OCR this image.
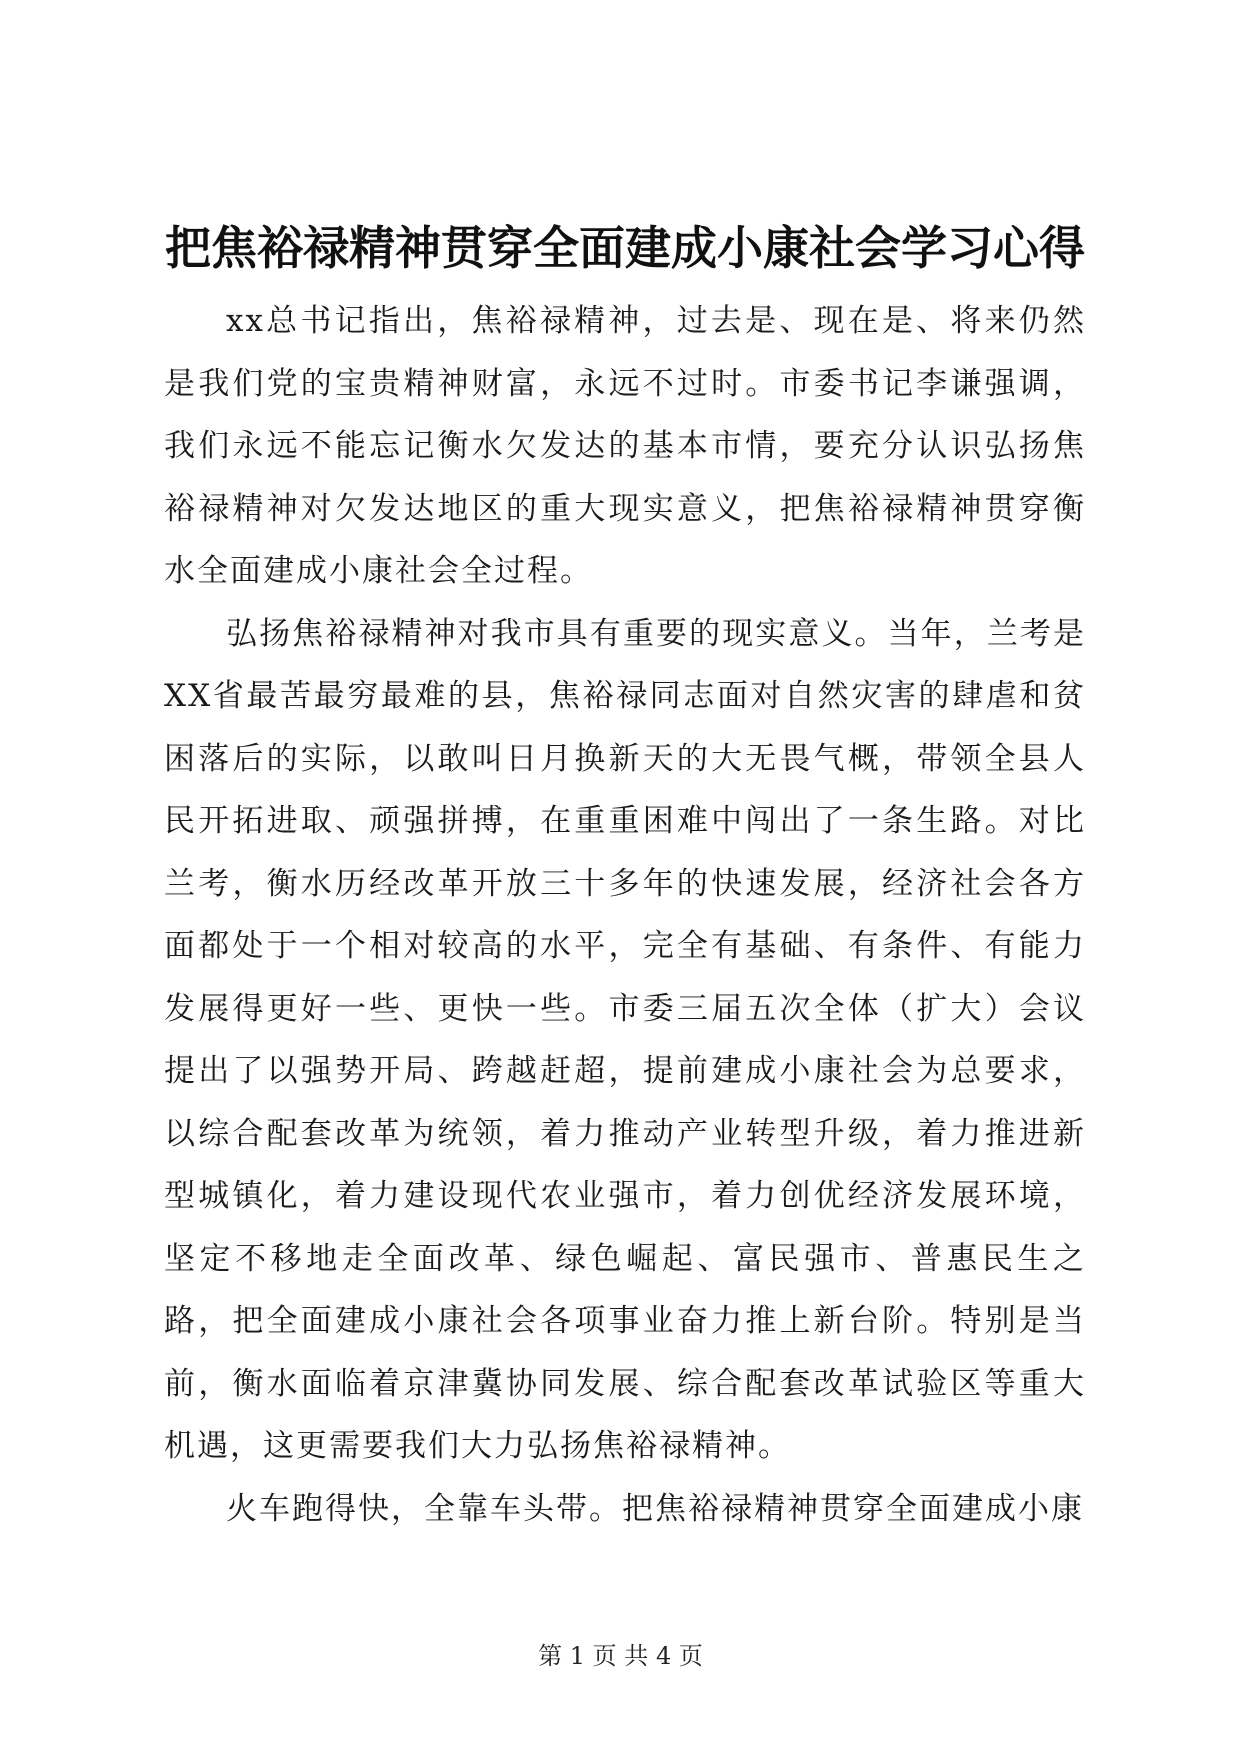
把焦裕禄精神贯穿全面建成小康社会学习心得

xx总书记指出，焦裕禄精神，过去是、现在是、将来仍然是我们党的宝贵精神财富，永远不过时。市委书记李谦强调，我们永远不能忘记衡水欠发达的基本市情，要充分认识弘扬焦裕禄精神对欠发达地区的重大现实意义，把焦裕禄精神贯穿衡水全面建成小康社会全过程。

弘扬焦裕禄精神对我市具有重要的现实意义。当年，兰考是XX省最苦最穷最难的县，焦裕禄同志面对自然灾害的肆虐和贫困落后的实际，以敢叫日月换新天的大无畏气概，带领全县人民开拓进取、顽强拼搏，在重重困难中闯出了一条生路。对比兰考，衡水历经改革开放三十多年的快速发展，经济社会各方面都处于一个相对较高的水平，完全有基础、有条件、有能力发展得更好一些、更快一些。市委三届五次全体（扩大）会议提出了以强势开局、跨越赶超，提前建成小康社会为总要求，以综合配套改革为统领，着力推动产业转型升级，着力推进新型城镇化，着力建设现代农业强市，着力创优经济发展环境，坚定不移地走全面改革、绿色崛起、富民强市、普惠民生之路，把全面建成小康社会各项事业奋力推上新台阶。特别是当前，衡水面临着京津冀协同发展、综合配套改革试验区等重大机遇，这更需要我们大力弘扬焦裕禄精神。

火车跑得快，全靠车头带。把焦裕禄精神贯穿全面建成小康

第 1 页 共 4 页
